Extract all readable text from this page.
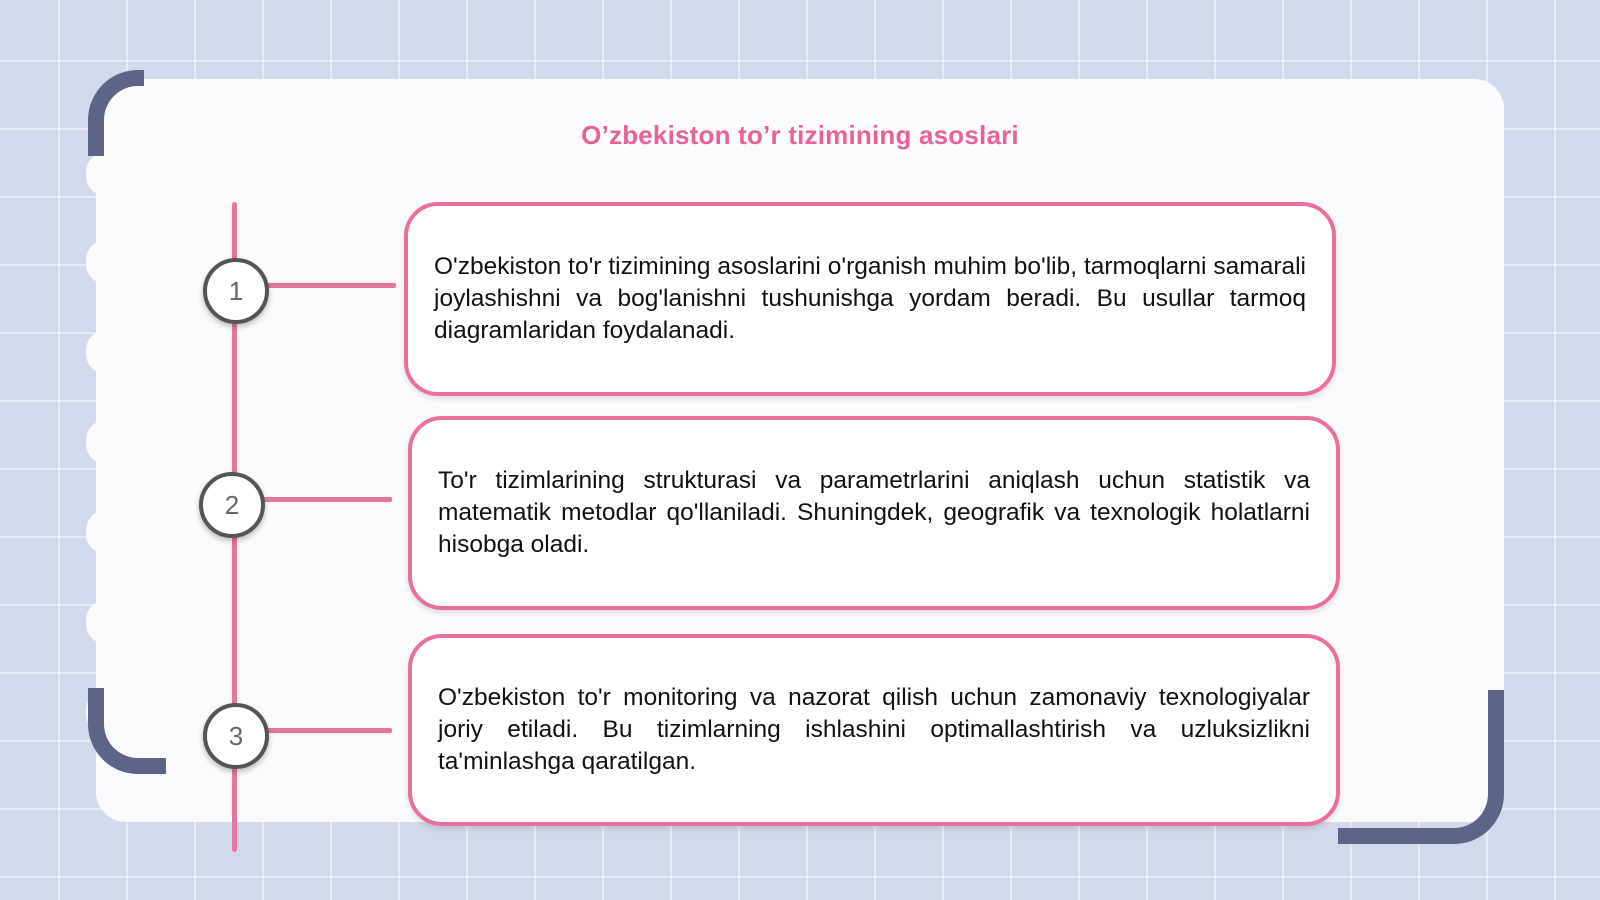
O’zbekiston to’r tizimining asoslari
1

O'zbekiston to'r tizimining asoslarini o'rganish muhim bo'lib, tarmoqlarni samarali joylashishni va bog'lanishni tushunishga yordam beradi. Bu usullar tarmoq diagramlaridan foydalanadi.

2

To'r tizimlarining strukturasi va parametrlarini aniqlash uchun statistik va matematik metodlar qo'llaniladi. Shuningdek, geografik va texnologik holatlarni hisobga oladi.

3

O'zbekiston to'r monitoring va nazorat qilish uchun zamonaviy texnologiyalar joriy etiladi. Bu tizimlarning ishlashini optimallashtirish va uzluksizlikni ta'minlashga qaratilgan.
